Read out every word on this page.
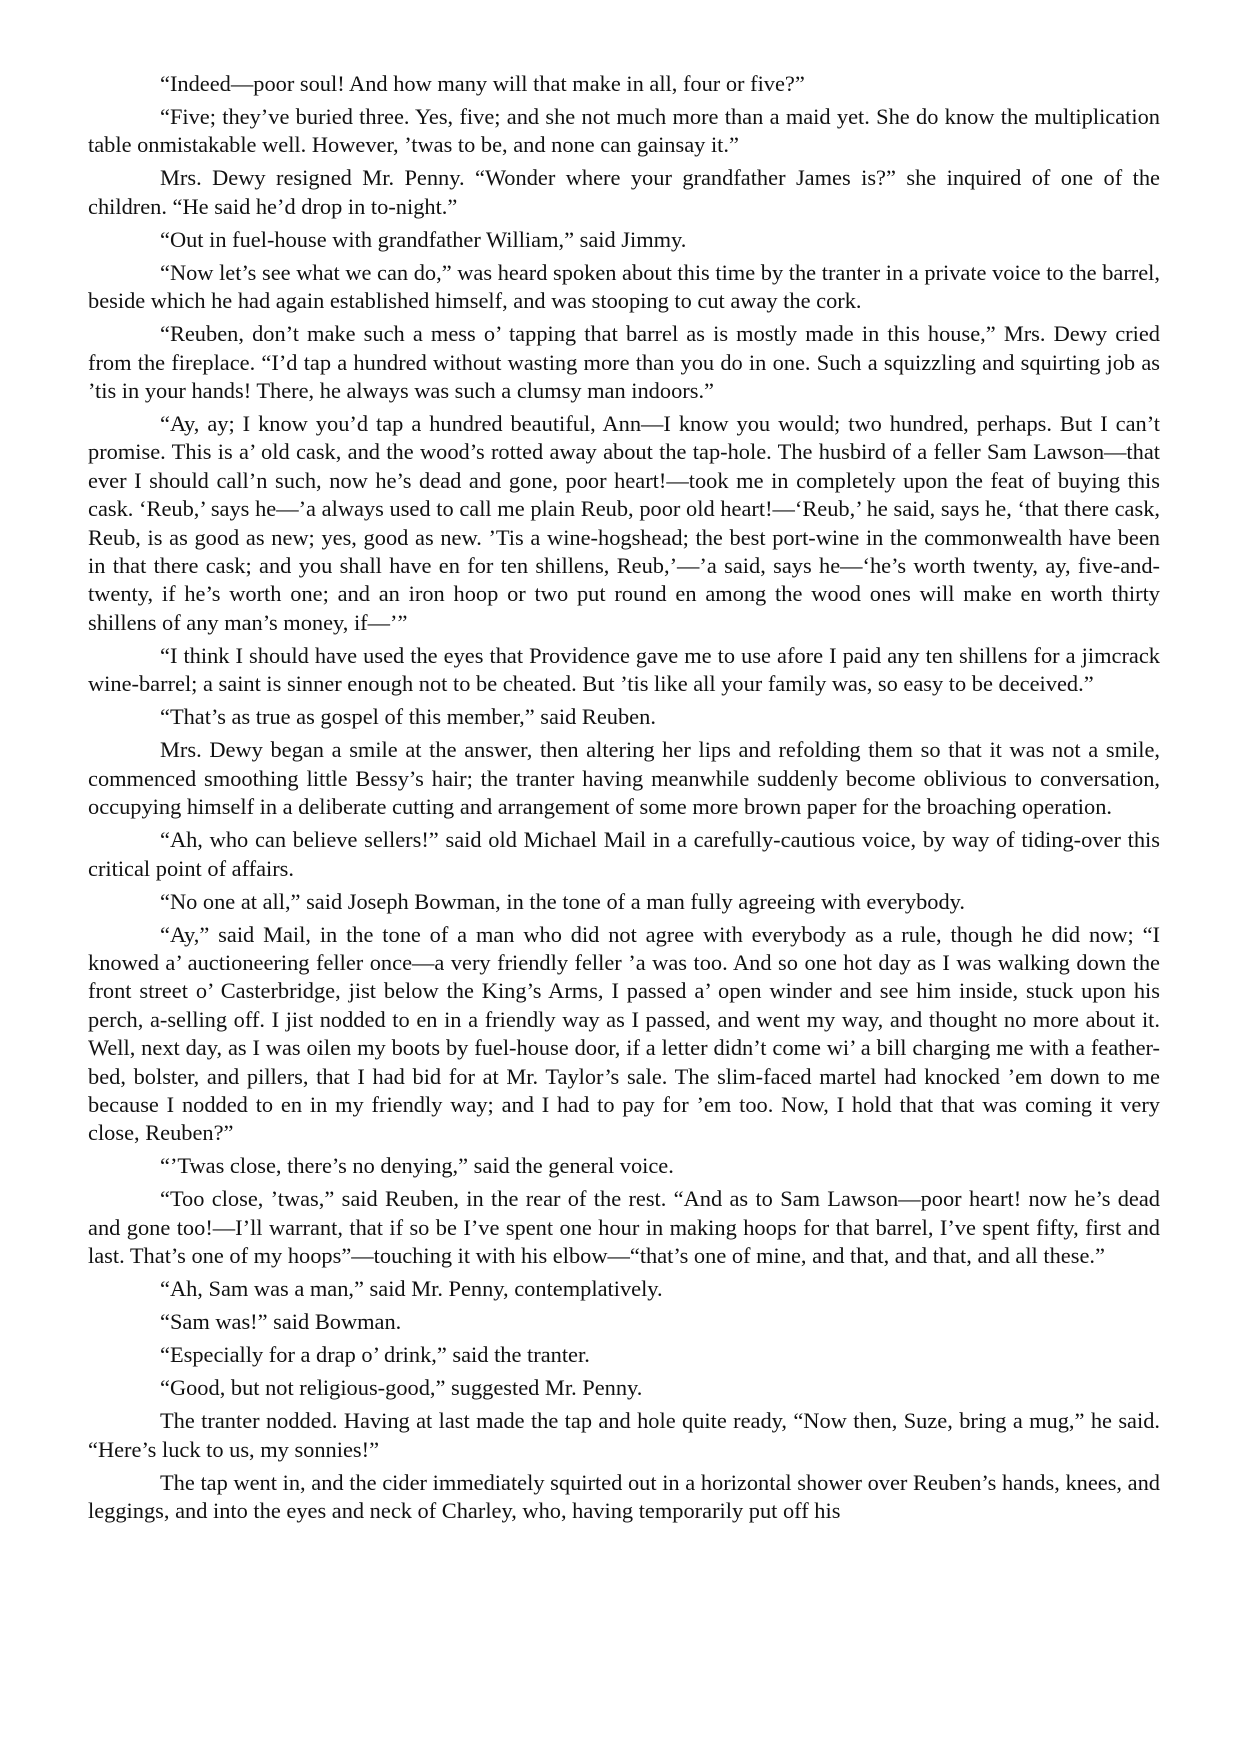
“Indeed—poor soul! And how many will that make in all, four or five?”

“Five; they’ve buried three. Yes, five; and she not much more than a maid yet. She do know the multiplication table onmistakable well. However, ’twas to be, and none can gainsay it.”

Mrs. Dewy resigned Mr. Penny. “Wonder where your grandfather James is?” she inquired of one of the children. “He said he’d drop in to-night.”

“Out in fuel-house with grandfather William,” said Jimmy.

“Now let’s see what we can do,” was heard spoken about this time by the tranter in a private voice to the barrel, beside which he had again established himself, and was stooping to cut away the cork.

“Reuben, don’t make such a mess o’ tapping that barrel as is mostly made in this house,” Mrs. Dewy cried from the fireplace. “I’d tap a hundred without wasting more than you do in one. Such a squizzling and squirting job as ’tis in your hands! There, he always was such a clumsy man indoors.”

“Ay, ay; I know you’d tap a hundred beautiful, Ann—I know you would; two hundred, perhaps. But I can’t promise. This is a’ old cask, and the wood’s rotted away about the tap-hole. The husbird of a feller Sam Lawson—that ever I should call’n such, now he’s dead and gone, poor heart!—took me in completely upon the feat of buying this cask. ‘Reub,’ says he—’a always used to call me plain Reub, poor old heart!—‘Reub,’ he said, says he, ‘that there cask, Reub, is as good as new; yes, good as new. ’Tis a wine-hogshead; the best port-wine in the commonwealth have been in that there cask; and you shall have en for ten shillens, Reub,’—’a said, says he—‘he’s worth twenty, ay, five-and-twenty, if he’s worth one; and an iron hoop or two put round en among the wood ones will make en worth thirty shillens of any man’s money, if—’”

“I think I should have used the eyes that Providence gave me to use afore I paid any ten shillens for a jimcrack wine-barrel; a saint is sinner enough not to be cheated. But ’tis like all your family was, so easy to be deceived.”

“That’s as true as gospel of this member,” said Reuben.

Mrs. Dewy began a smile at the answer, then altering her lips and refolding them so that it was not a smile, commenced smoothing little Bessy’s hair; the tranter having meanwhile suddenly become oblivious to conversation, occupying himself in a deliberate cutting and arrangement of some more brown paper for the broaching operation.

“Ah, who can believe sellers!” said old Michael Mail in a carefully-cautious voice, by way of tiding-over this critical point of affairs.

“No one at all,” said Joseph Bowman, in the tone of a man fully agreeing with everybody.

“Ay,” said Mail, in the tone of a man who did not agree with everybody as a rule, though he did now; “I knowed a’ auctioneering feller once—a very friendly feller ’a was too. And so one hot day as I was walking down the front street o’ Casterbridge, jist below the King’s Arms, I passed a’ open winder and see him inside, stuck upon his perch, a-selling off. I jist nodded to en in a friendly way as I passed, and went my way, and thought no more about it. Well, next day, as I was oilen my boots by fuel-house door, if a letter didn’t come wi’ a bill charging me with a feather-bed, bolster, and pillers, that I had bid for at Mr. Taylor’s sale. The slim-faced martel had knocked ’em down to me because I nodded to en in my friendly way; and I had to pay for ’em too. Now, I hold that that was coming it very close, Reuben?”

“’Twas close, there’s no denying,” said the general voice.

“Too close, ’twas,” said Reuben, in the rear of the rest. “And as to Sam Lawson—poor heart! now he’s dead and gone too!—I’ll warrant, that if so be I’ve spent one hour in making hoops for that barrel, I’ve spent fifty, first and last. That’s one of my hoops”—touching it with his elbow—“that’s one of mine, and that, and that, and all these.”

“Ah, Sam was a man,” said Mr. Penny, contemplatively.

“Sam was!” said Bowman.

“Especially for a drap o’ drink,” said the tranter.

“Good, but not religious-good,” suggested Mr. Penny.

The tranter nodded. Having at last made the tap and hole quite ready, “Now then, Suze, bring a mug,” he said. “Here’s luck to us, my sonnies!”

The tap went in, and the cider immediately squirted out in a horizontal shower over Reuben’s hands, knees, and leggings, and into the eyes and neck of Charley, who, having temporarily put off his
